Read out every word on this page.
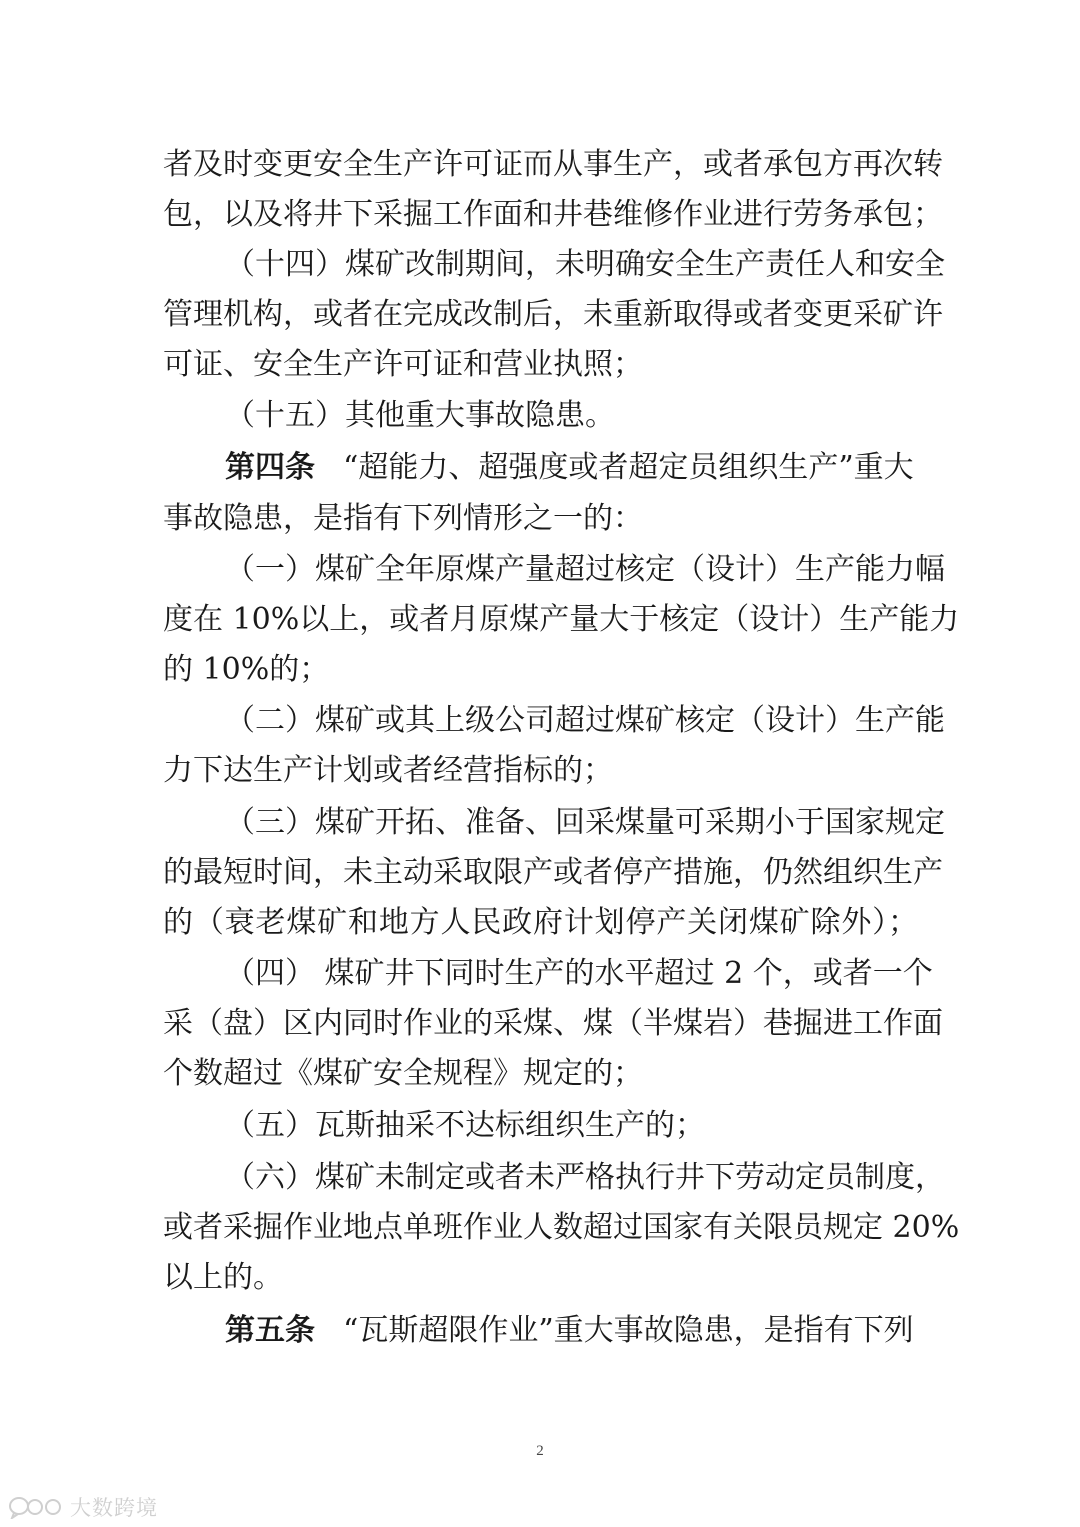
者及时变更安全生产许可证而从事生产，或者承包方再次转
包，以及将井下采掘工作面和井巷维修作业进行劳务承包；
（十四）煤矿改制期间，未明确安全生产责任人和安全
管理机构，或者在完成改制后，未重新取得或者变更采矿许
可证、安全生产许可证和营业执照；
（十五）其他重大事故隐患。
第四条 “超能力、超强度或者超定员组织生产”重大
事故隐患，是指有下列情形之一的：
（一）煤矿全年原煤产量超过核定（设计）生产能力幅
度在 10%以上，或者月原煤产量大于核定（设计）生产能力
的 10%的；
（二）煤矿或其上级公司超过煤矿核定（设计）生产能
力下达生产计划或者经营指标的；
（三）煤矿开拓、准备、回采煤量可采期小于国家规定
的最短时间，未主动采取限产或者停产措施，仍然组织生产
的（衰老煤矿和地方人民政府计划停产关闭煤矿除外）；
（四） 煤矿井下同时生产的水平超过 2 个，或者一个
采（盘）区内同时作业的采煤、煤（半煤岩）巷掘进工作面
个数超过《煤矿安全规程》规定的；
（五）瓦斯抽采不达标组织生产的；
（六）煤矿未制定或者未严格执行井下劳动定员制度，
或者采掘作业地点单班作业人数超过国家有关限员规定 20%
以上的。
第五条 “瓦斯超限作业”重大事故隐患，是指有下列
2
大数跨境
